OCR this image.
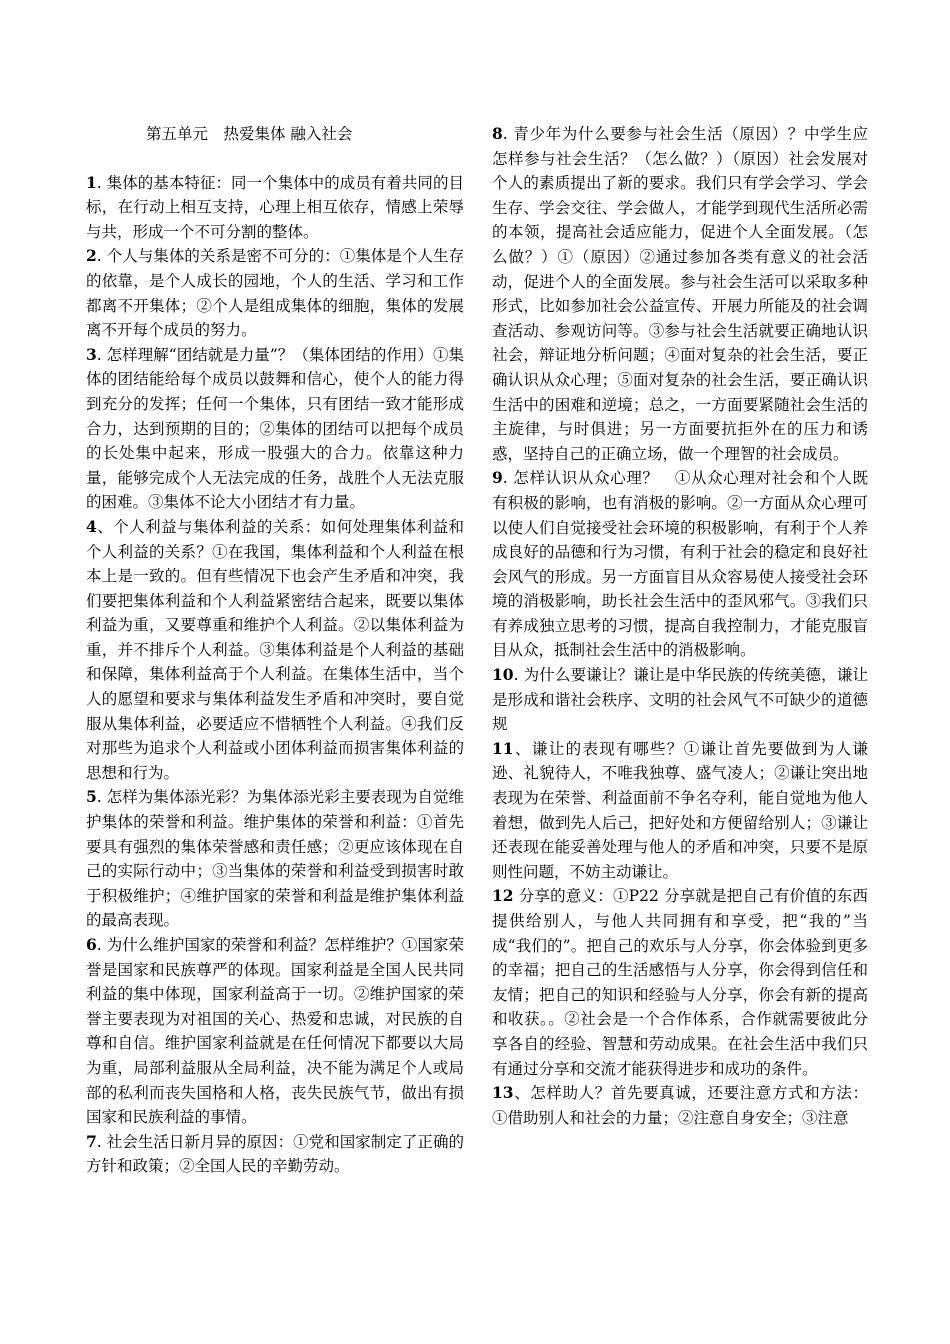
第五单元　热爱集体 融入社会

1. 集体的基本特征：同一个集体中的成员有着共同的目标，在行动上相互支持，心理上相互依存，情感上荣辱与共，形成一个不可分割的整体。

2. 个人与集体的关系是密不可分的：①集体是个人生存的依靠，是个人成长的园地，个人的生活、学习和工作都离不开集体；②个人是组成集体的细胞，集体的发展离不开每个成员的努力。

3. 怎样理解“团结就是力量”？（集体团结的作用）①集体的团结能给每个成员以鼓舞和信心，使个人的能力得到充分的发挥；任何一个集体，只有团结一致才能形成合力，达到预期的目的；②集体的团结可以把每个成员的长处集中起来，形成一股强大的合力。依靠这种力量，能够完成个人无法完成的任务，战胜个人无法克服的困难。③集体不论大小团结才有力量。

4、个人利益与集体利益的关系：如何处理集体利益和个人利益的关系？①在我国，集体利益和个人利益在根本上是一致的。但有些情况下也会产生矛盾和冲突，我们要把集体利益和个人利益紧密结合起来，既要以集体利益为重，又要尊重和维护个人利益。②以集体利益为重，并不排斥个人利益。③集体利益是个人利益的基础和保障，集体利益高于个人利益。在集体生活中，当个人的愿望和要求与集体利益发生矛盾和冲突时，要自觉服从集体利益，必要适应不惜牺牲个人利益。④我们反对那些为追求个人利益或小团体利益而损害集体利益的思想和行为。

5. 怎样为集体添光彩？为集体添光彩主要表现为自觉维护集体的荣誉和利益。维护集体的荣誉和利益：①首先要具有强烈的集体荣誉感和责任感；②更应该体现在自己的实际行动中；③当集体的荣誉和利益受到损害时敢于积极维护；④维护国家的荣誉和利益是维护集体利益的最高表现。

6. 为什么维护国家的荣誉和利益？怎样维护？①国家荣誉是国家和民族尊严的体现。国家利益是全国人民共同利益的集中体现，国家利益高于一切。②维护国家的荣誉主要表现为对祖国的关心、热爱和忠诚，对民族的自尊和自信。维护国家利益就是在任何情况下都要以大局为重，局部利益服从全局利益，决不能为满足个人或局部的私利而丧失国格和人格，丧失民族气节，做出有损国家和民族利益的事情。

7. 社会生活日新月异的原因：①党和国家制定了正确的方针和政策；②全国人民的辛勤劳动。

8. 青少年为什么要参与社会生活（原因）？中学生应怎样参与社会生活？（怎么做？）（原因）社会发展对个人的素质提出了新的要求。我们只有学会学习、学会生存、学会交往、学会做人，才能学到现代生活所必需的本领，提高社会适应能力，促进个人全面发展。（怎么做？）①（原因）②通过参加各类有意义的社会活动，促进个人的全面发展。参与社会生活可以采取多种形式，比如参加社会公益宣传、开展力所能及的社会调查活动、参观访问等。③参与社会生活就要正确地认识社会，辩证地分析问题；④面对复杂的社会生活，要正确认识从众心理；⑤面对复杂的社会生活，要正确认识生活中的困难和逆境；总之，一方面要紧随社会生活的主旋律，与时俱进；另一方面要抗拒外在的压力和诱惑，坚持自己的正确立场，做一个理智的社会成员。

9. 怎样认识从众心理？　①从众心理对社会和个人既有积极的影响，也有消极的影响。②一方面从众心理可以使人们自觉接受社会环境的积极影响，有利于个人养成良好的品德和行为习惯，有利于社会的稳定和良好社会风气的形成。另一方面盲目从众容易使人接受社会环境的消极影响，助长社会生活中的歪风邪气。③我们只有养成独立思考的习惯，提高自我控制力，才能克服盲目从众，抵制社会生活中的消极影响。

10. 为什么要谦让？谦让是中华民族的传统美德，谦让是形成和谐社会秩序、文明的社会风气不可缺少的道德规

11、谦让的表现有哪些？①谦让首先要做到为人谦逊、礼貌待人，不唯我独尊、盛气凌人；②谦让突出地表现为在荣誉、利益面前不争名夺利，能自觉地为他人着想，做到先人后己，把好处和方便留给别人；③谦让还表现在能妥善处理与他人的矛盾和冲突，只要不是原则性问题，不妨主动谦让。

12 分享的意义：①P22 分享就是把自己有价值的东西提供给别人，与他人共同拥有和享受，把“我的”当成“我们的”。把自己的欢乐与人分享，你会体验到更多的幸福；把自己的生活感悟与人分享，你会得到信任和友情；把自己的知识和经验与人分享，你会有新的提高和收获。。②社会是一个合作体系，合作就需要彼此分享各自的经验、智慧和劳动成果。在社会生活中我们只有通过分享和交流才能获得进步和成功的条件。

13、怎样助人？首先要真诚，还要注意方式和方法：①借助别人和社会的力量；②注意自身安全；③注意
